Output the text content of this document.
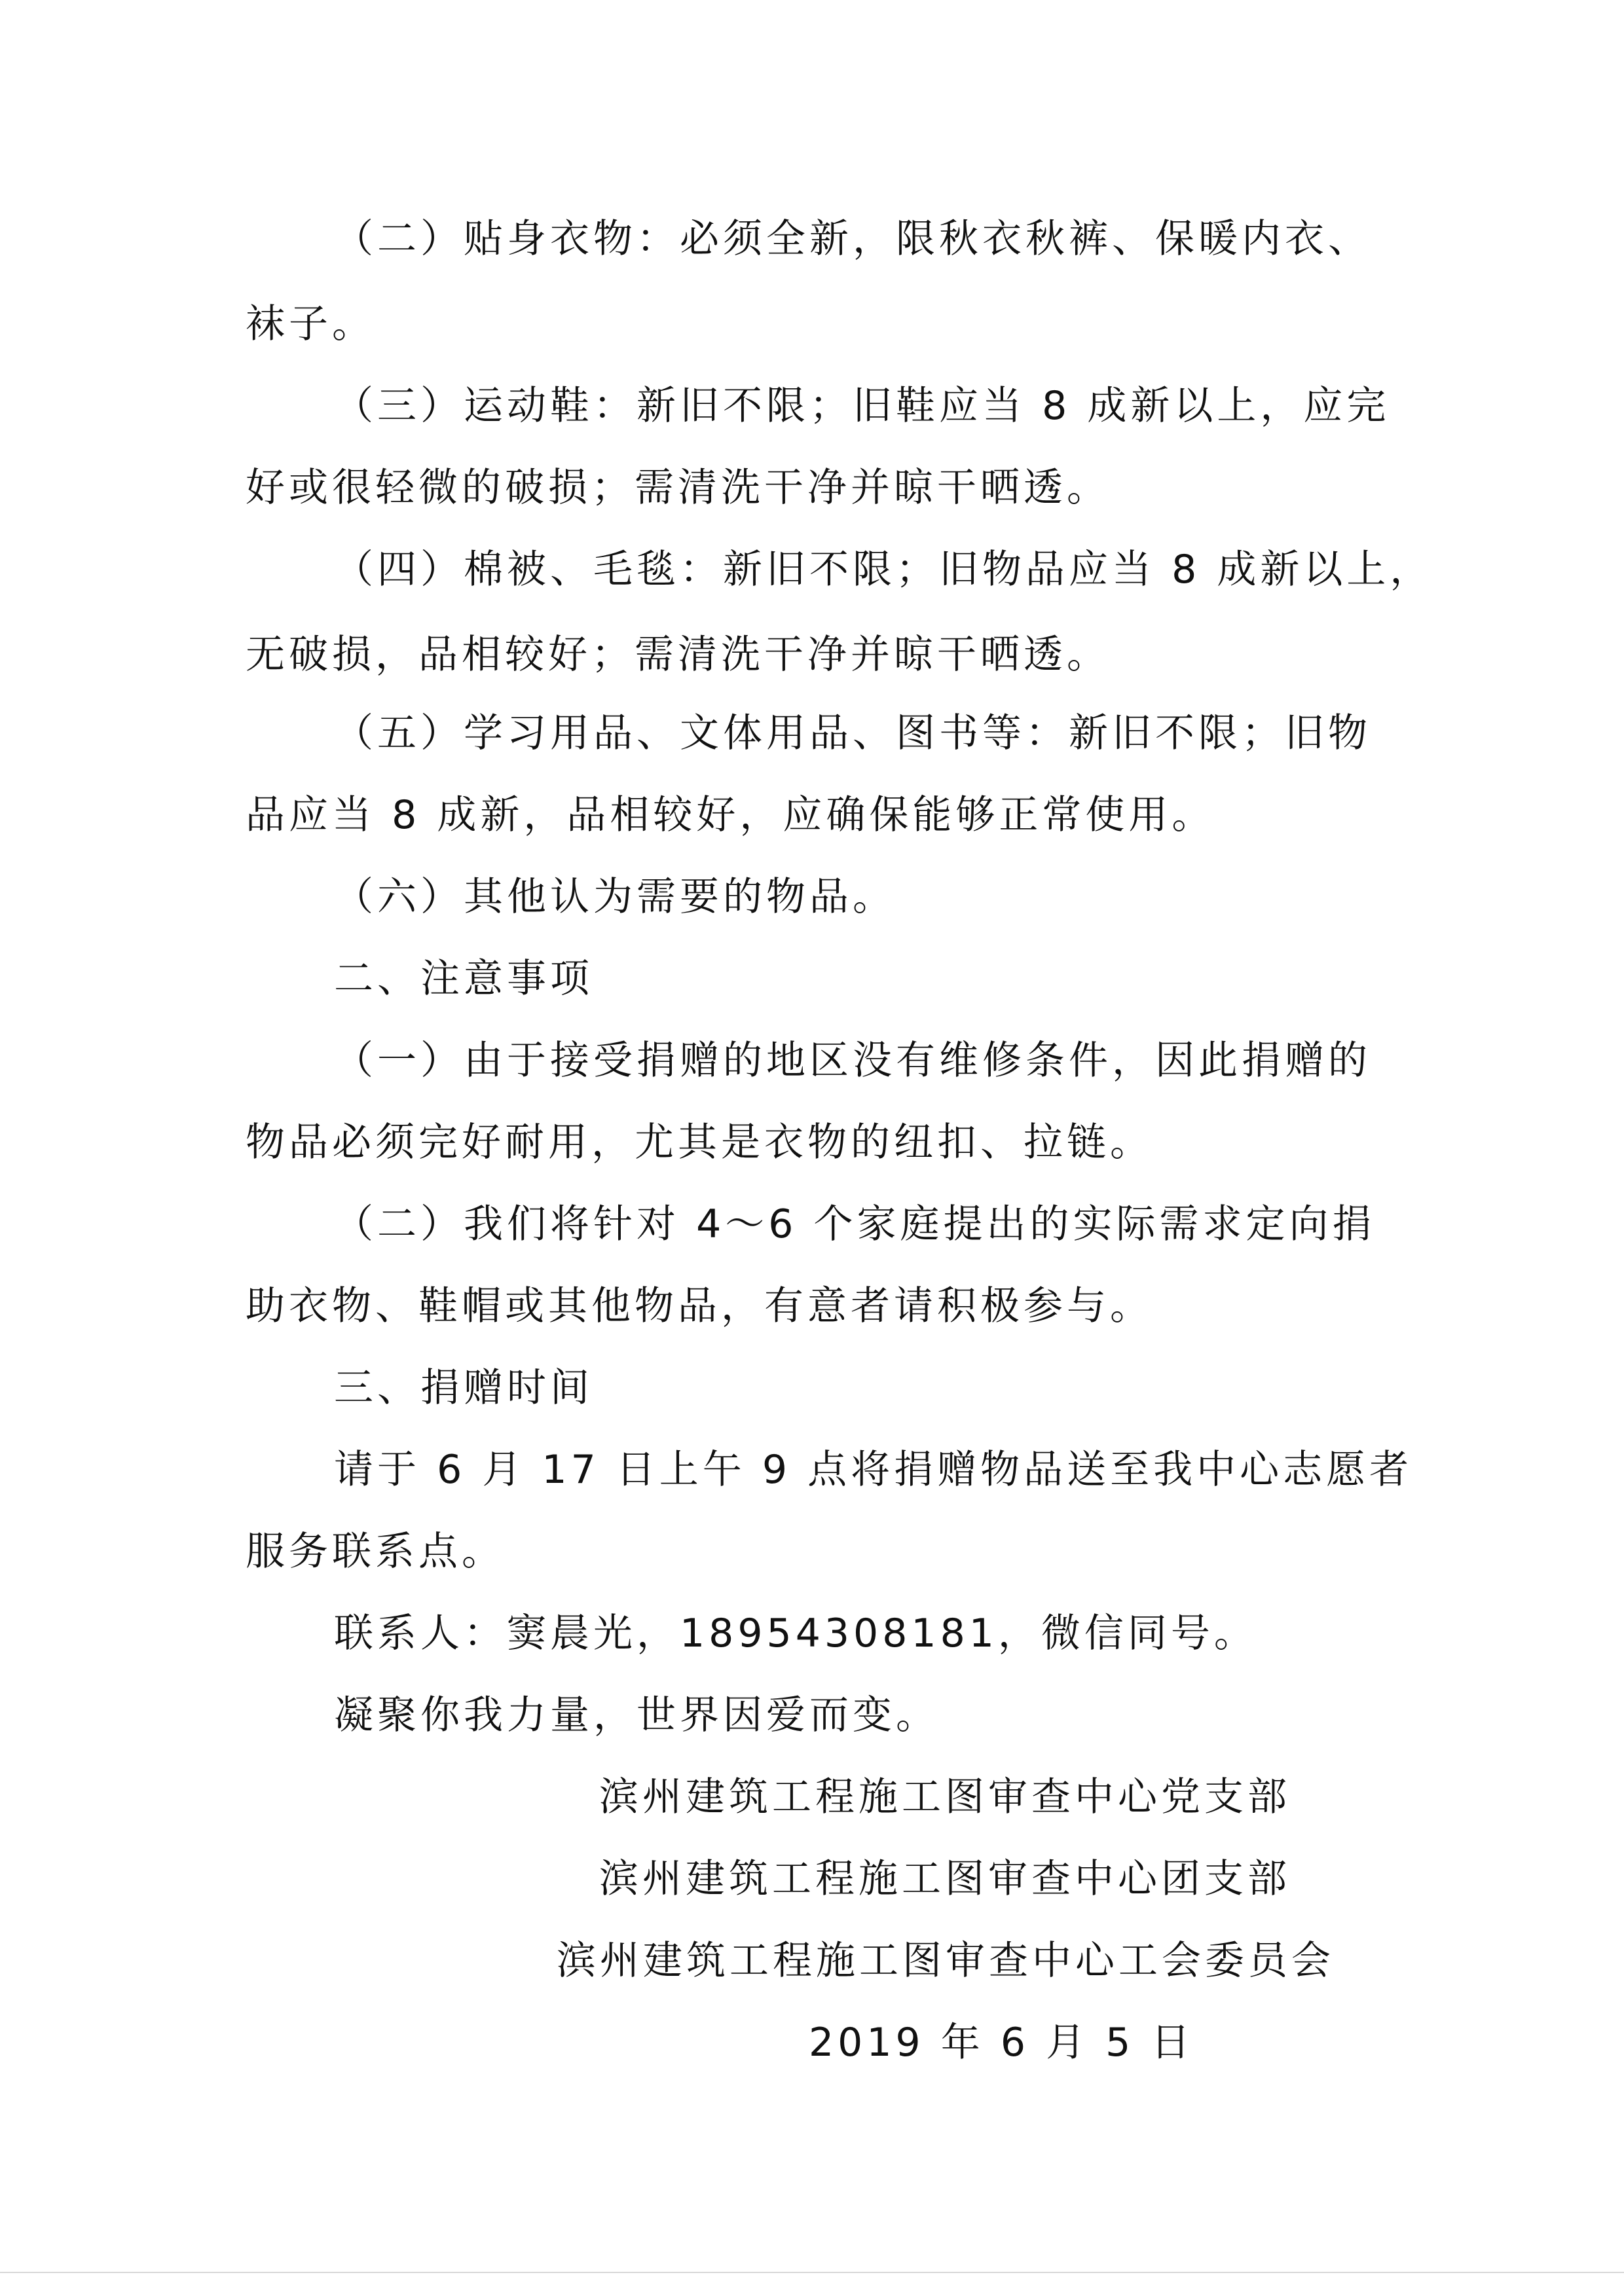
（二）贴身衣物：必须全新，限秋衣秋裤、保暖内衣、
袜子。
（三）运动鞋：新旧不限；旧鞋应当 8 成新以上，应完
好或很轻微的破损；需清洗干净并晾干晒透。
（四）棉被、毛毯：新旧不限；旧物品应当 8 成新以上，
无破损，品相较好；需清洗干净并晾干晒透。
（五）学习用品、文体用品、图书等：新旧不限；旧物
品应当 8 成新，品相较好，应确保能够正常使用。
（六）其他认为需要的物品。
二、注意事项
（一）由于接受捐赠的地区没有维修条件，因此捐赠的
物品必须完好耐用，尤其是衣物的纽扣、拉链。
（二）我们将针对 4～6 个家庭提出的实际需求定向捐
助衣物、鞋帽或其他物品，有意者请积极参与。
三、捐赠时间
请于 6 月 17 日上午 9 点将捐赠物品送至我中心志愿者
服务联系点。
联系人：窦晨光，18954308181，微信同号。
凝聚你我力量，世界因爱而变。
滨州建筑工程施工图审查中心党支部
滨州建筑工程施工图审查中心团支部
滨州建筑工程施工图审查中心工会委员会
2019 年 6 月 5 日
